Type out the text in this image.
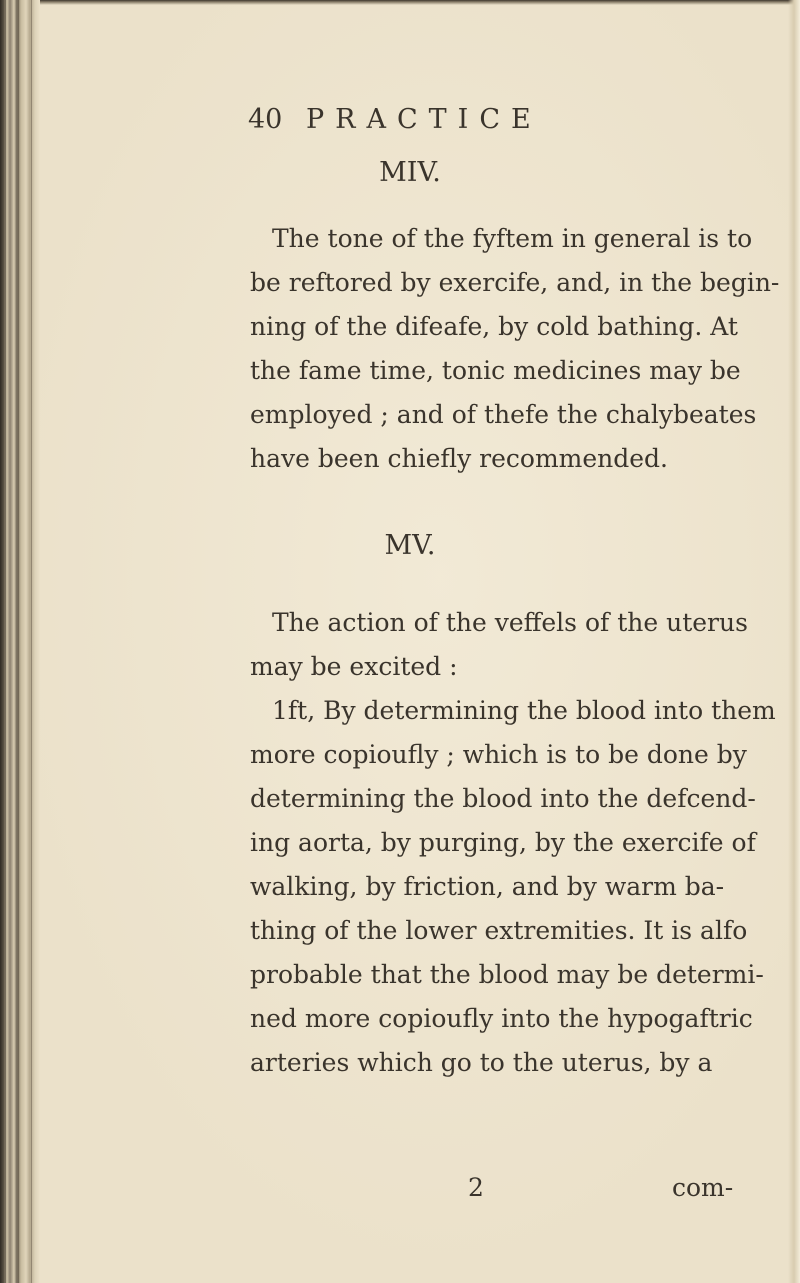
40 PRACTICE
MIV.
The tone of the fyftem in general is to
be reftored by exercife, and, in the begin-
ning of the difeafe, by cold bathing. At
the fame time, tonic medicines may be
employed ; and of thefe the chalybeates
have been chiefly recommended.
MV.
The action of the veffels of the uterus
may be excited :
1ft, By determining the blood into them
more copioufly ; which is to be done by
determining the blood into the defcend-
ing aorta, by purging, by the exercife of
walking, by friction, and by warm ba-
thing of the lower extremities. It is alfo
probable that the blood may be determi-
ned more copioufly into the hypogaftric
arteries which go to the uterus, by a
2	com-
